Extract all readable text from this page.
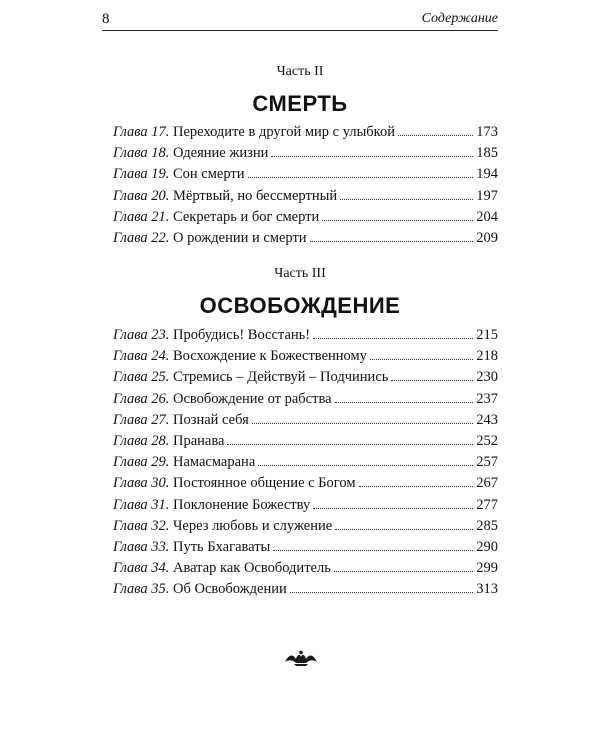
8	Содержание
Часть II
СМЕРТЬ
Глава 17. Переходите в другой мир с улыбкой	173
Глава 18. Одеяние жизни	185
Глава 19. Сон смерти	194
Глава 20. Мёртвый, но бессмертный	197
Глава 21. Секретарь и бог смерти	204
Глава 22. О рождении и смерти	209
Часть III
ОСВОБОЖДЕНИЕ
Глава 23. Пробудись! Восстань!	215
Глава 24. Восхождение к Божественному	218
Глава 25. Стремись – Действуй – Подчинись	230
Глава 26. Освобождение от рабства	237
Глава 27. Познай себя	243
Глава 28. Пранава	252
Глава 29. Намасмарана	257
Глава 30. Постоянное общение с Богом	267
Глава 31. Поклонение Божеству	277
Глава 32. Через любовь и служение	285
Глава 33. Путь Бхагаваты	290
Глава 34. Аватар как Освободитель	299
Глава 35. Об Освобождении	313
